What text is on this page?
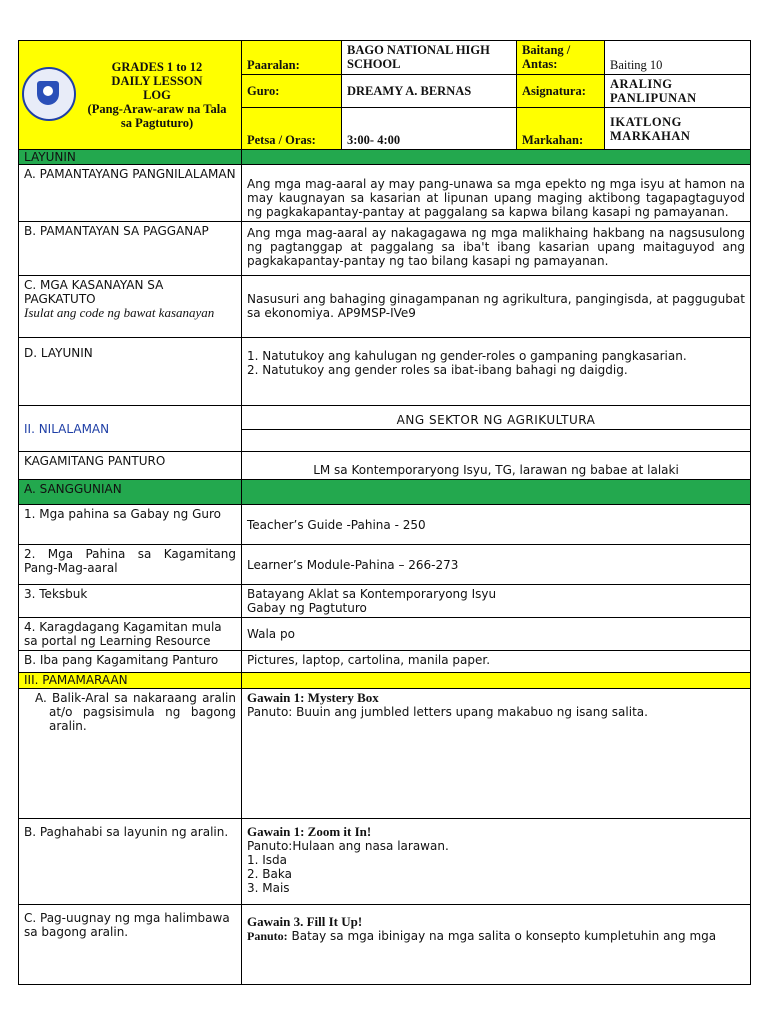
GRADES 1 to 12
DAILY LESSON
LOG
(Pang-Araw-araw na Tala
sa Pagtuturo)	Paaralan:	BAGO NATIONAL HIGH SCHOOL	Baitang / Antas:	Baiting 10
	Guro:	DREAMY A. BERNAS	Asignatura:	ARALING PANLIPUNAN
	Petsa / Oras:	3:00- 4:00	Markahan:	IKATLONG MARKAHAN
LAYUNIN				
A. PAMANTAYANG PANGNILALAMAN	Ang mga mag-aaral ay may pang-unawa sa mga epekto ng mga isyu at hamon na may kaugnayan sa kasarian at lipunan upang maging aktibong tagapagtaguyod ng pagkakapantay-pantay at paggalang sa kapwa bilang kasapi ng pamayanan.			
B. PAMANTAYAN SA PAGGANAP	Ang mga mag-aaral ay nakagagawa ng mga malikhaing hakbang na nagsusulong ng pagtanggap at paggalang sa iba't ibang kasarian upang maitaguyod ang pagkakapantay-pantay ng tao bilang kasapi ng pamayanan.			

C. MGA KASANAYAN SA PAGKATUTO
Isulat ang code ng bawat kasanayan	Nasusuri ang bahaging ginagampanan ng agrikultura, pangingisda, at paggugubat sa ekonomiya. AP9MSP-IVe9			
D. LAYUNIN	1. Natutukoy ang kahulugan ng gender-roles o gampaning pangkasarian.
2. Natutukoy ang gender roles sa ibat-ibang bahagi ng daigdig.			

II. NILALAMAN	ANG SEKTOR NG AGRIKULTURA			

KAGAMITANG PANTURO	LM sa Kontemporaryong Isyu, TG, larawan ng babae at lalaki			
A. SANGGUNIAN				
1. Mga pahina sa Gabay ng Guro	Teacher’s Guide -Pahina - 250			
2. Mga Pahina sa Kagamitang Pang-Mag-aaral	Learner’s Module-Pahina – 266-273			
3. Teksbuk	Batayang Aklat sa Kontemporaryong Isyu
Gabay ng Pagtuturo			

4. Karagdagang Kagamitan mula sa portal ng Learning Resource	Wala po			
B. Iba pang Kagamitang Panturo	Pictures, laptop, cartolina, manila paper.			
III. PAMAMARAAN				
A. Balik-Aral sa nakaraang aralin at/o pagsisimula ng bagong aralin.	Gawain 1: Mystery Box
Panuto: Buuin ang jumbled letters upang makabuo ng isang salita.			

B. Paghahabi sa layunin ng aralin.	Gawain 1: Zoom it In!
Panuto:Hulaan ang nasa larawan.
1. Isda
2. Baka
3. Mais			

C. Pag-uugnay ng mga halimbawa sa bagong aralin.	Gawain 3. Fill It Up!
Panuto: Batay sa mga ibinigay na mga salita o konsepto kumpletuhin ang mga			
